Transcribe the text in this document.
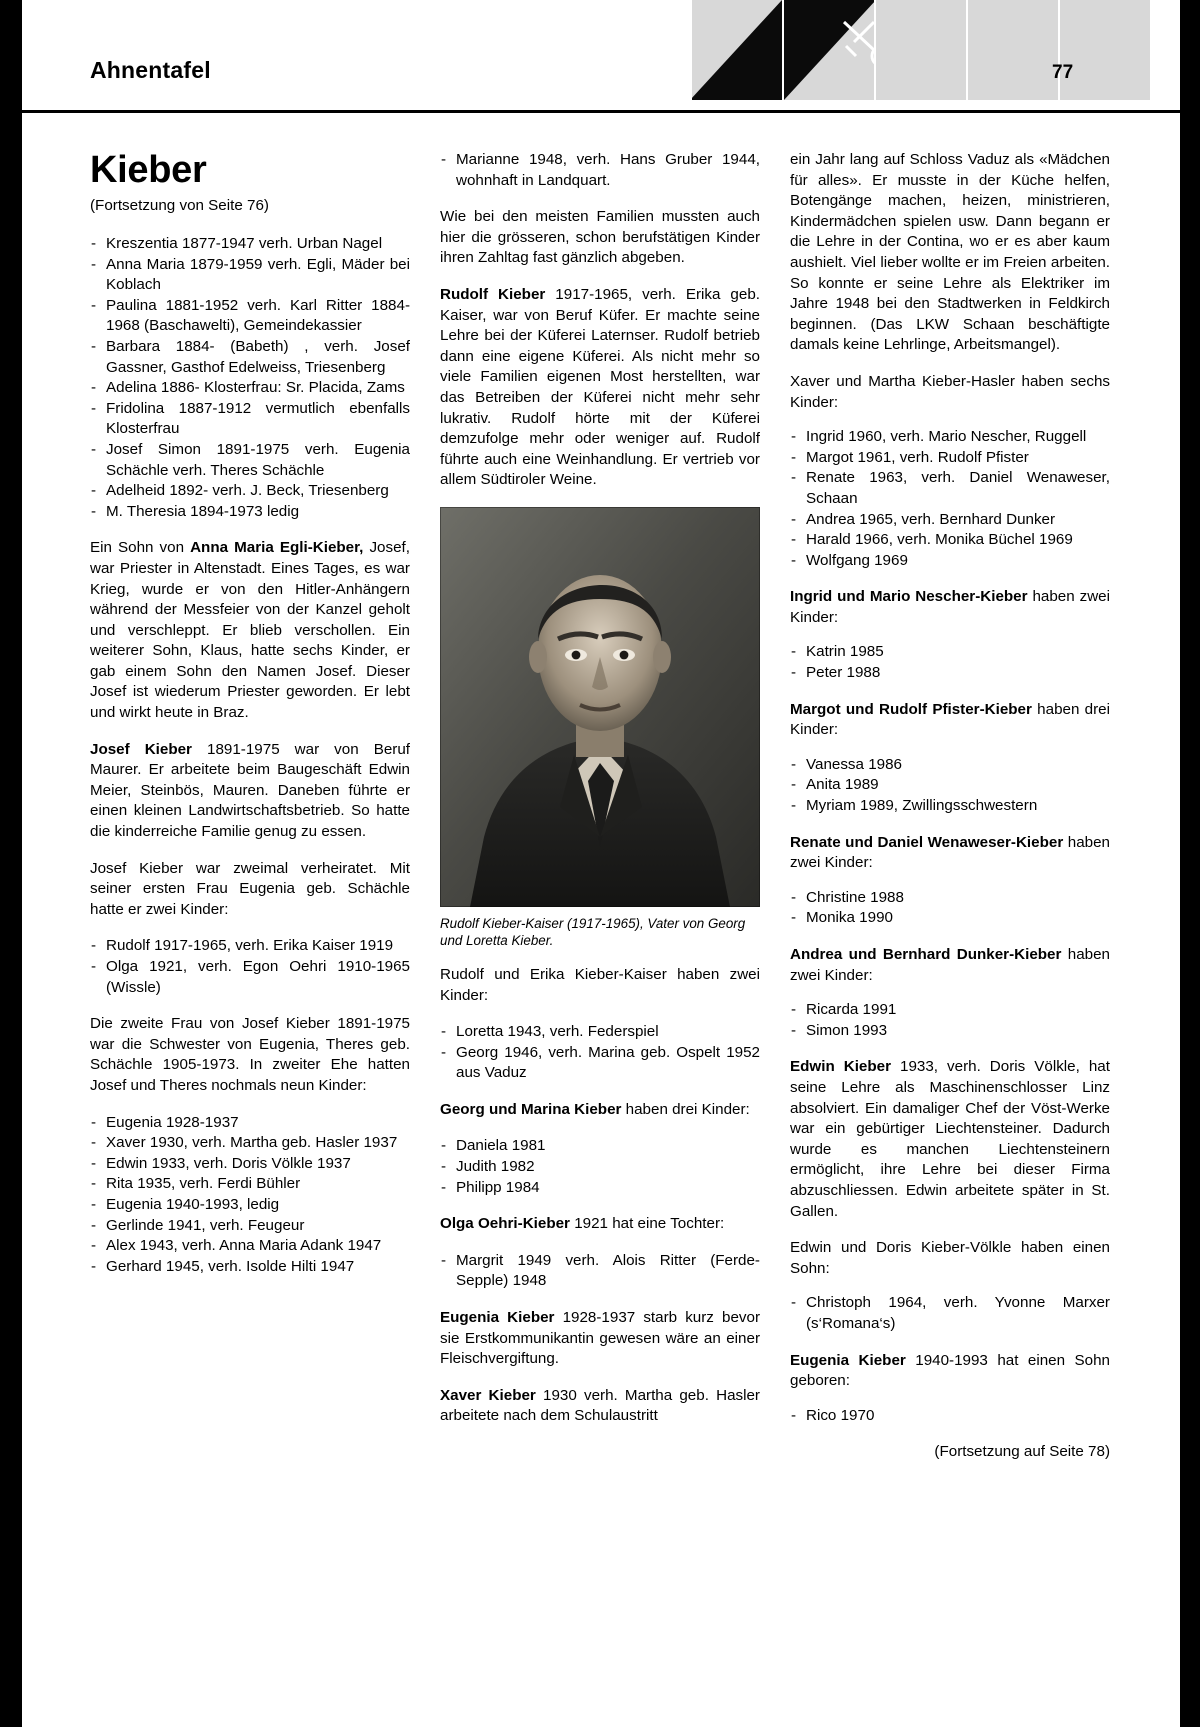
Ahnentafel	77
Kieber

(Fortsetzung von Seite 76)

- Kreszentia 1877-1947 verh. Urban Nagel
- Anna Maria 1879-1959 verh. Egli, Mäder bei Koblach
- Paulina 1881-1952 verh. Karl Ritter 1884-1968 (Baschawelti), Gemeindekassier
- Barbara 1884- (Babeth) , verh. Josef Gassner, Gasthof Edelweiss, Triesenberg
- Adelina 1886- Klosterfrau: Sr. Placida, Zams
- Fridolina 1887-1912 vermutlich ebenfalls Klosterfrau
- Josef Simon 1891-1975 verh. Eugenia Schächle verh. Theres Schächle
- Adelheid 1892- verh. J. Beck, Triesenberg
- M. Theresia 1894-1973 ledig

Ein Sohn von Anna Maria Egli-Kieber, Josef, war Priester in Altenstadt. Eines Tages, es war Krieg, wurde er von den Hitler-Anhängern während der Messfeier von der Kanzel geholt und verschleppt. Er blieb verschollen. Ein weiterer Sohn, Klaus, hatte sechs Kinder, er gab einem Sohn den Namen Josef. Dieser Josef ist wiederum Priester geworden. Er lebt und wirkt heute in Braz.

Josef Kieber 1891-1975 war von Beruf Maurer. Er arbeitete beim Baugeschäft Edwin Meier, Steinbös, Mauren. Daneben führte er einen kleinen Landwirtschaftsbetrieb. So hatte die kinderreiche Familie genug zu essen.

Josef Kieber war zweimal verheiratet. Mit seiner ersten Frau Eugenia geb. Schächle hatte er zwei Kinder:

- Rudolf 1917-1965, verh. Erika Kaiser 1919
- Olga 1921, verh. Egon Oehri 1910-1965 (Wissle)

Die zweite Frau von Josef Kieber 1891-1975 war die Schwester von Eugenia, Theres geb. Schächle 1905-1973. In zweiter Ehe hatten Josef und Theres nochmals neun Kinder:

- Eugenia 1928-1937
- Xaver 1930, verh. Martha geb. Hasler 1937
- Edwin 1933, verh. Doris Völkle 1937
- Rita 1935, verh. Ferdi Bühler
- Eugenia 1940-1993, ledig
- Gerlinde 1941, verh. Feugeur
- Alex 1943, verh. Anna Maria Adank 1947
- Gerhard 1945, verh. Isolde Hilti 1947
- Marianne 1948, verh. Hans Gruber 1944, wohnhaft in Landquart.

Wie bei den meisten Familien mussten auch hier die grösseren, schon berufstätigen Kinder ihren Zahltag fast gänzlich abgeben.

Rudolf Kieber 1917-1965, verh. Erika geb. Kaiser, war von Beruf Küfer. Er machte seine Lehre bei der Küferei Laternser. Rudolf betrieb dann eine eigene Küferei. Als nicht mehr so viele Familien eigenen Most herstellten, war das Betreiben der Küferei nicht mehr sehr lukrativ. Rudolf hörte mit der Küferei demzufolge mehr oder weniger auf. Rudolf führte auch eine Weinhandlung. Er vertrieb vor allem Südtiroler Weine.

Rudolf Kieber-Kaiser (1917-1965), Vater von Georg und Loretta Kieber.

Rudolf und Erika Kieber-Kaiser haben zwei Kinder:

- Loretta 1943, verh. Federspiel
- Georg 1946, verh. Marina geb. Ospelt 1952 aus Vaduz

Georg und Marina Kieber haben drei Kinder:

- Daniela 1981
- Judith 1982
- Philipp 1984

Olga Oehri-Kieber 1921 hat eine Tochter:

- Margrit 1949 verh. Alois Ritter (Ferde-Sepple) 1948

Eugenia Kieber 1928-1937 starb kurz bevor sie Erstkommunikantin gewesen wäre an einer Fleischvergiftung.

Xaver Kieber 1930 verh. Martha geb. Hasler arbeitete nach dem Schulaustritt

ein Jahr lang auf Schloss Vaduz als «Mädchen für alles». Er musste in der Küche helfen, Botengänge machen, heizen, ministrieren, Kindermädchen spielen usw. Dann begann er die Lehre in der Contina, wo er es aber kaum aushielt. Viel lieber wollte er im Freien arbeiten. So konnte er seine Lehre als Elektriker im Jahre 1948 bei den Stadtwerken in Feldkirch beginnen. (Das LKW Schaan beschäftigte damals keine Lehrlinge, Arbeitsmangel).

Xaver und Martha Kieber-Hasler haben sechs Kinder:

- Ingrid 1960, verh. Mario Nescher, Ruggell
- Margot 1961, verh. Rudolf Pfister
- Renate 1963, verh. Daniel Wenaweser, Schaan
- Andrea 1965, verh. Bernhard Dunker
- Harald 1966, verh. Monika Büchel 1969
- Wolfgang 1969

Ingrid und Mario Nescher-Kieber haben zwei Kinder:

- Katrin 1985
- Peter 1988

Margot und Rudolf Pfister-Kieber haben drei Kinder:

- Vanessa 1986
- Anita 1989
- Myriam 1989, Zwillingsschwestern

Renate und Daniel Wenaweser-Kieber haben zwei Kinder:

- Christine 1988
- Monika 1990

Andrea und Bernhard Dunker-Kieber haben zwei Kinder:

- Ricarda 1991
- Simon 1993

Edwin Kieber 1933, verh. Doris Völkle, hat seine Lehre als Maschinenschlosser Linz absolviert. Ein damaliger Chef der Vöst-Werke war ein gebürtiger Liechtensteiner. Dadurch wurde es manchen Liechtensteinern ermöglicht, ihre Lehre bei dieser Firma abzuschliessen. Edwin arbeitete später in St. Gallen.

Edwin und Doris Kieber-Völkle haben einen Sohn:

- Christoph 1964, verh. Yvonne Marxer (s‘Romana‘s)

Eugenia Kieber 1940-1993 hat einen Sohn geboren:

- Rico 1970

(Fortsetzung auf Seite 78)
